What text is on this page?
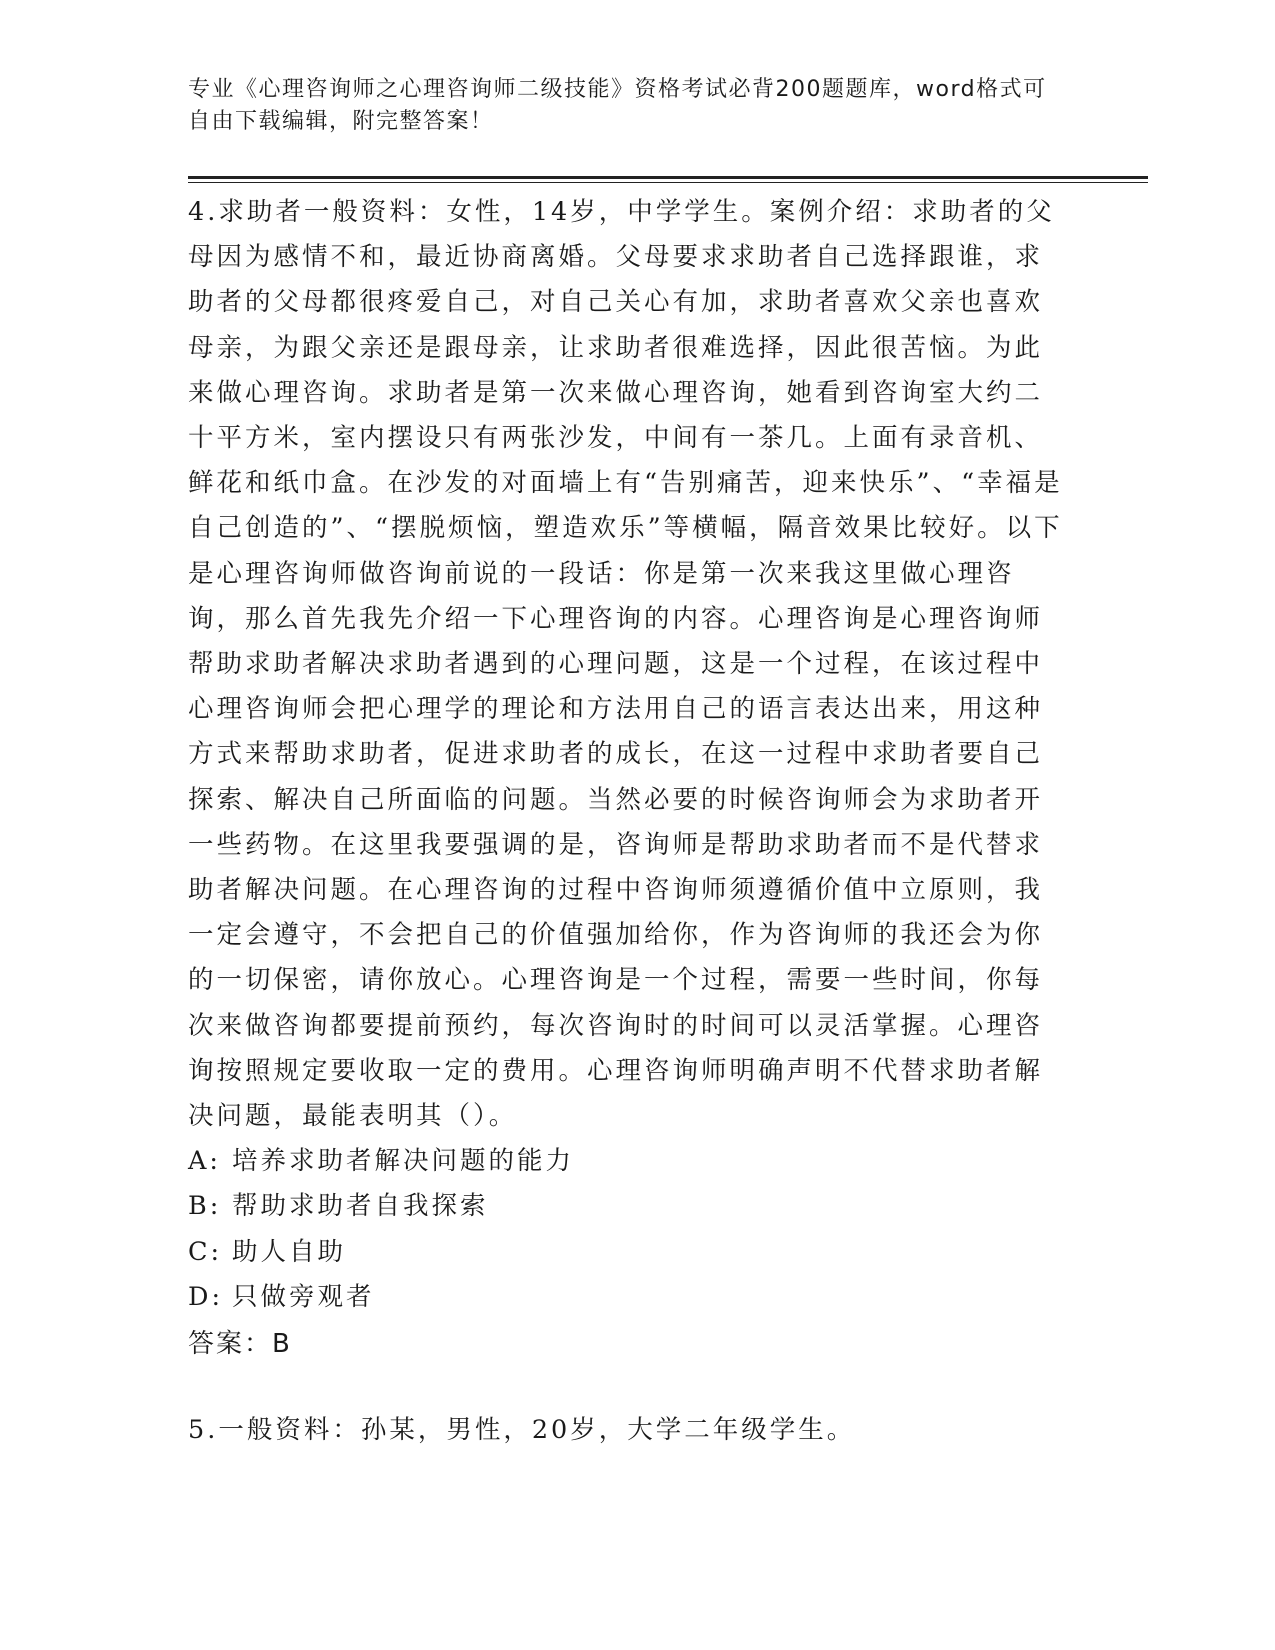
专业《心理咨询师之心理咨询师二级技能》资格考试必背200题题库，word格式可自由下载编辑，附完整答案！

4.求助者一般资料：女性，14岁，中学学生。案例介绍：求助者的父母因为感情不和，最近协商离婚。父母要求求助者自己选择跟谁，求助者的父母都很疼爱自己，对自己关心有加，求助者喜欢父亲也喜欢母亲，为跟父亲还是跟母亲，让求助者很难选择，因此很苦恼。为此来做心理咨询。求助者是第一次来做心理咨询，她看到咨询室大约二十平方米，室内摆设只有两张沙发，中间有一茶几。上面有录音机、鲜花和纸巾盒。在沙发的对面墙上有“告别痛苦，迎来快乐”、“幸福是自己创造的”、“摆脱烦恼，塑造欢乐”等横幅，隔音效果比较好。以下是心理咨询师做咨询前说的一段话：你是第一次来我这里做心理咨询，那么首先我先介绍一下心理咨询的内容。心理咨询是心理咨询师帮助求助者解决求助者遇到的心理问题，这是一个过程，在该过程中心理咨询师会把心理学的理论和方法用自己的语言表达出来，用这种方式来帮助求助者，促进求助者的成长，在这一过程中求助者要自己探索、解决自己所面临的问题。当然必要的时候咨询师会为求助者开一些药物。在这里我要强调的是，咨询师是帮助求助者而不是代替求助者解决问题。在心理咨询的过程中咨询师须遵循价值中立原则，我一定会遵守，不会把自己的价值强加给你，作为咨询师的我还会为你的一切保密，请你放心。心理咨询是一个过程，需要一些时间，你每次来做咨询都要提前预约，每次咨询时的时间可以灵活掌握。心理咨询按照规定要收取一定的费用。心理咨询师明确声明不代替求助者解决问题，最能表明其（）。

A: 培养求助者解决问题的能力
B: 帮助求助者自我探索
C: 助人自助
D: 只做旁观者
答案：B
5.一般资料：孙某，男性，20岁，大学二年级学生。
